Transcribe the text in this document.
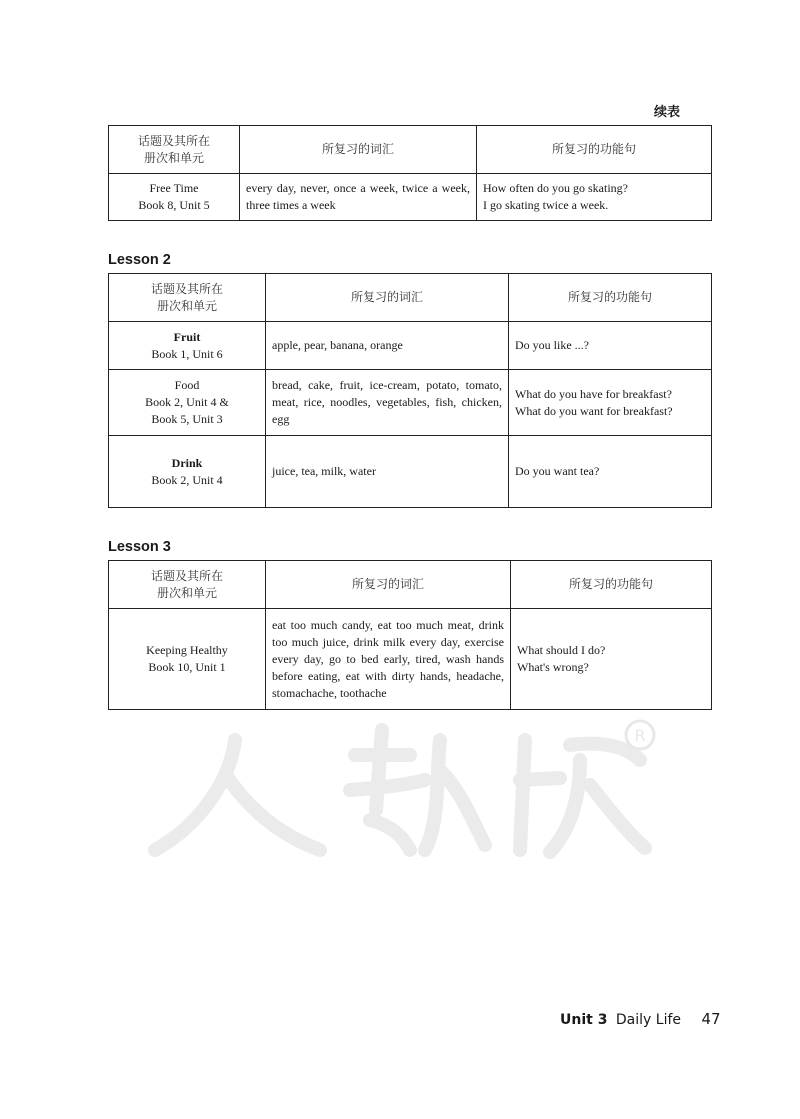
续表
话题及其所在
册次和单元	所复习的词汇	所复习的功能句

Free Time
Book 8, Unit 5	every day, never, once a week, twice a week, three times a week	How often do you go skating?
I go skating twice a week.
Lesson 2
话题及其所在
册次和单元	所复习的词汇	所复习的功能句

Fruit
Book 1, Unit 6	apple, pear, banana, orange	Do you like ...?

Food
Book 2, Unit 4 &
Book 5, Unit 3	bread, cake, fruit, ice-cream, potato, tomato, meat, rice, noodles, vegetables, fish, chicken, egg	What do you have for breakfast?
What do you want for breakfast?

Drink
Book 2, Unit 4	juice, tea, milk, water	Do you want tea?
Lesson 3
话题及其所在
册次和单元	所复习的词汇	所复习的功能句

Keeping Healthy
Book 10, Unit 1	eat too much candy, eat too much meat, drink too much juice, drink milk every day, exercise every day, go to bed early, tired, wash hands before eating, eat with dirty hands, headache, stomachache, toothache	What should I do?
What's wrong?
R
Unit 3 Daily Life 47
